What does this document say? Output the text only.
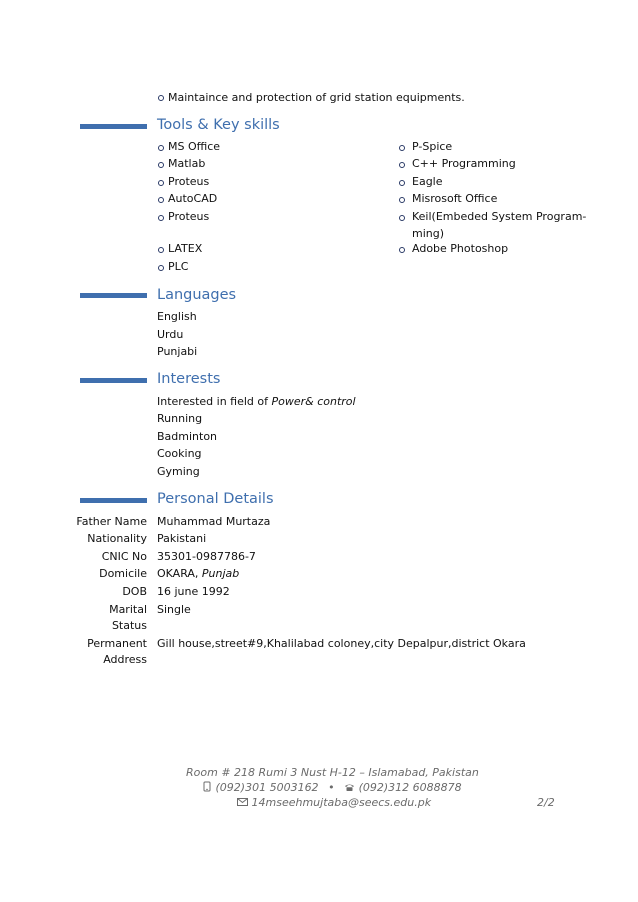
Maintaince and protection of grid station equipments.
Tools & Key skills
MS Office
Matlab
Proteus
AutoCAD
Proteus
LATEX
PLC
P-Spice
C++ Programming
Eagle
Misrosoft Office
Keil(Embeded System Program-
ming)
Adobe Photoshop
Languages
English
Urdu
Punjabi
Interests
Interested in field of Power& control
Running
Badminton
Cooking
Gyming
Personal Details
Father Name Muhammad Murtaza
Nationality Pakistani
CNIC No 35301-0987786-7
Domicile OKARA, Punjab
DOB 16 june 1992
Marital
Status
Single
Permanent
Address
Gill house,street#9,Khalilabad coloney,city Depalpur,district Okara
Room # 218 Rumi 3 Nust H-12 – Islamabad, Pakistan
(092)301 5003162 • (092)312 6088878
14mseehmujtaba@seecs.edu.pk	2/2
